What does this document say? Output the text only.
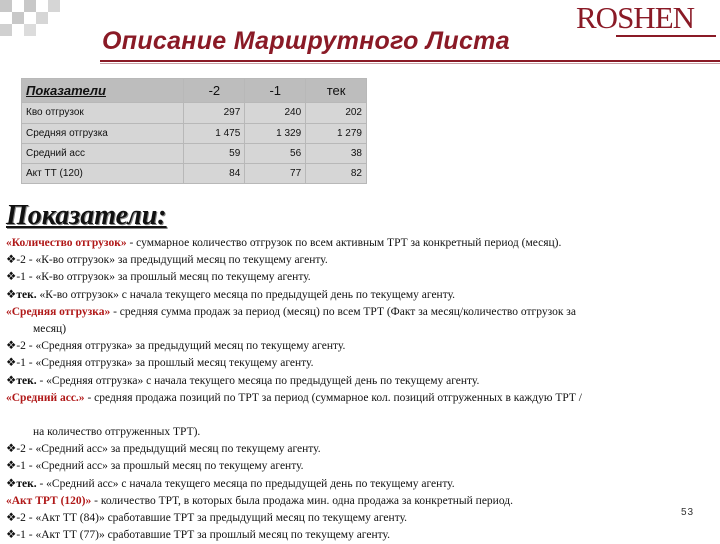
ROSHEN
Описание Маршрутного Листа
Показатели	-2	-1	тек
Кво отгрузок	297	240	202
Средняя отгрузка	1 475	1 329	1 279
Средний асс	59	56	38
Акт ТТ (120)	84	77	82
Показатели:
«Количество отгрузок» - суммарное количество отгрузок по всем активным ТРТ за конкретный период (месяц).
❖-2 - «К-во отгрузок» за предыдущий месяц по текущему агенту.
❖-1 - «К-во отгрузок» за прошлый месяц по текущему агенту.
❖тек. «К-во отгрузок» с начала текущего месяца по предыдущей день по текущему агенту.
«Средняя отгрузка» - средняя сумма продаж за период (месяц) по всем ТРТ (Факт за месяц/количество отгрузок за
месяц)
❖-2 - «Средняя отгрузка» за предыдущий месяц по текущему агенту.
❖-1 - «Средняя отгрузка» за прошлый месяц текущему агенту.
❖тек. - «Средняя отгрузка» с начала текущего месяца по предыдущей день по текущему агенту.
«Средний асс.» - средняя продажа позиций по ТРТ за период (суммарное кол. позиций отгруженных в каждую ТРТ /
на количество отгруженных ТРТ).
❖-2 - «Средний асс» за предыдущий месяц по текущему агенту.
❖-1 - «Средний асс» за прошлый месяц по текущему агенту.
❖тек. - «Средний асс» с начала текущего месяца по предыдущей день по текущему агенту.
«Акт ТРТ (120)» - количество ТРТ, в которых была продажа мин. одна продажа за конкретный период.
❖-2 - «Акт ТТ (84)» сработавшие ТРТ за предыдущий месяц по текущему агенту.
❖-1 - «Акт ТТ (77)» сработавшие ТРТ за прошлый месяц по текущему агенту.
53
